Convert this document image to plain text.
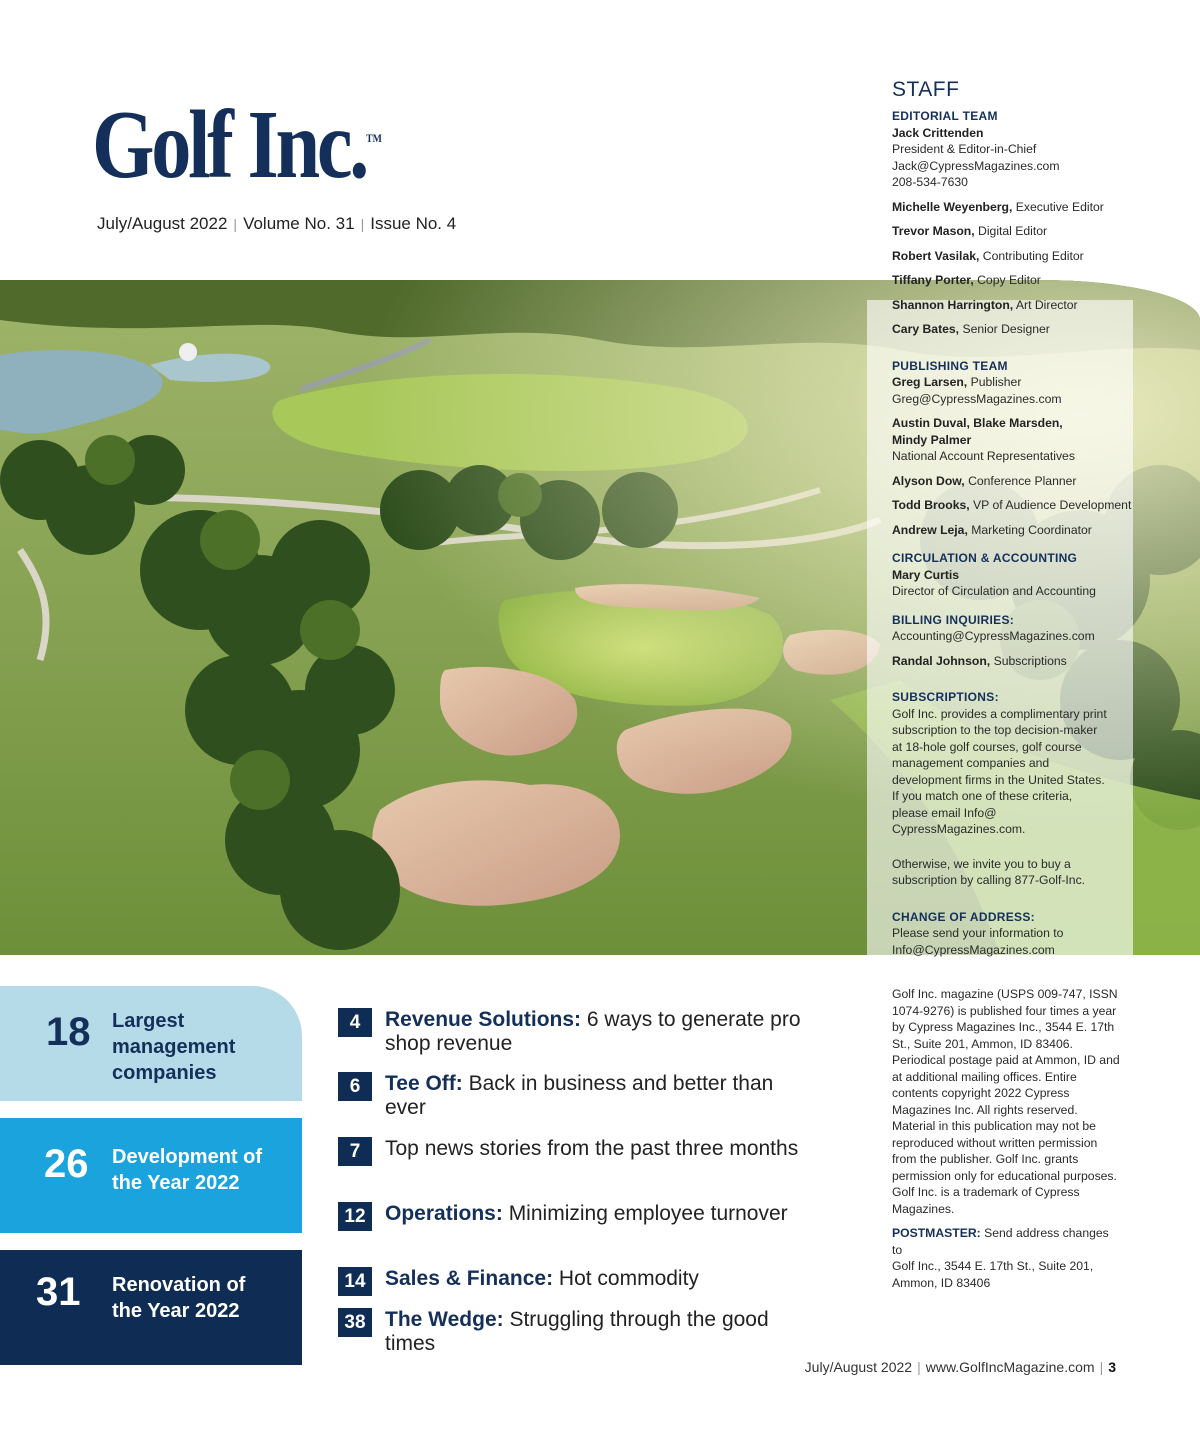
Golf Inc.™
July/August 2022 | Volume No. 31 | Issue No. 4
STAFF
EDITORIAL TEAM
Jack Crittenden
President & Editor-in-Chief
Jack@CypressMagazines.com
208-534-7630

Michelle Weyenberg, Executive Editor

Trevor Mason, Digital Editor

Robert Vasilak, Contributing Editor

Tiffany Porter, Copy Editor

Shannon Harrington, Art Director

Cary Bates, Senior Designer

PUBLISHING TEAM
Greg Larsen, Publisher
Greg@CypressMagazines.com
Austin Duval, Blake Marsden,
Mindy Palmer
National Account Representatives

Alyson Dow, Conference Planner

Todd Brooks, VP of Audience Development

Andrew Leja, Marketing Coordinator

CIRCULATION & ACCOUNTING
Mary Curtis
Director of Circulation and Accounting
BILLING INQUIRIES:
Accounting@CypressMagazines.com

Randal Johnson, Subscriptions

SUBSCRIPTIONS:

Golf Inc. provides a complimentary print subscription to the top decision-maker at 18-hole golf courses, golf course management companies and development firms in the United States. If you match one of these criteria, please email Info@ CypressMagazines.com.

Otherwise, we invite you to buy a subscription by calling 877-Golf-Inc.

CHANGE OF ADDRESS:

Please send your information to Info@CypressMagazines.com

Golf Inc. magazine (USPS 009-747, ISSN 1074-9276) is published four times a year by Cypress Magazines Inc., 3544 E. 17th St., Suite 201, Ammon, ID 83406. Periodical postage paid at Ammon, ID and at additional mailing offices. Entire contents copyright 2022 Cypress Magazines Inc. All rights reserved. Material in this publication may not be reproduced without written permission from the publisher. Golf Inc. grants permission only for educational purposes. Golf Inc. is a trademark of Cypress Magazines.

POSTMASTER: Send address changes to

Golf Inc., 3544 E. 17th St., Suite 201, Ammon, ID 83406

18 Largest management companies
26 Development of the Year 2022
31 Renovation of the Year 2022
4	Revenue Solutions: 6 ways to generate pro shop revenue
6	Tee Off: Back in business and better than ever
7	Top news stories from the past three months
12 Operations: Minimizing employee turnover
14 Sales & Finance: Hot commodity
38 The Wedge: Struggling through the good times
July/August 2022 | www.GolfIncMagazine.com | 3
